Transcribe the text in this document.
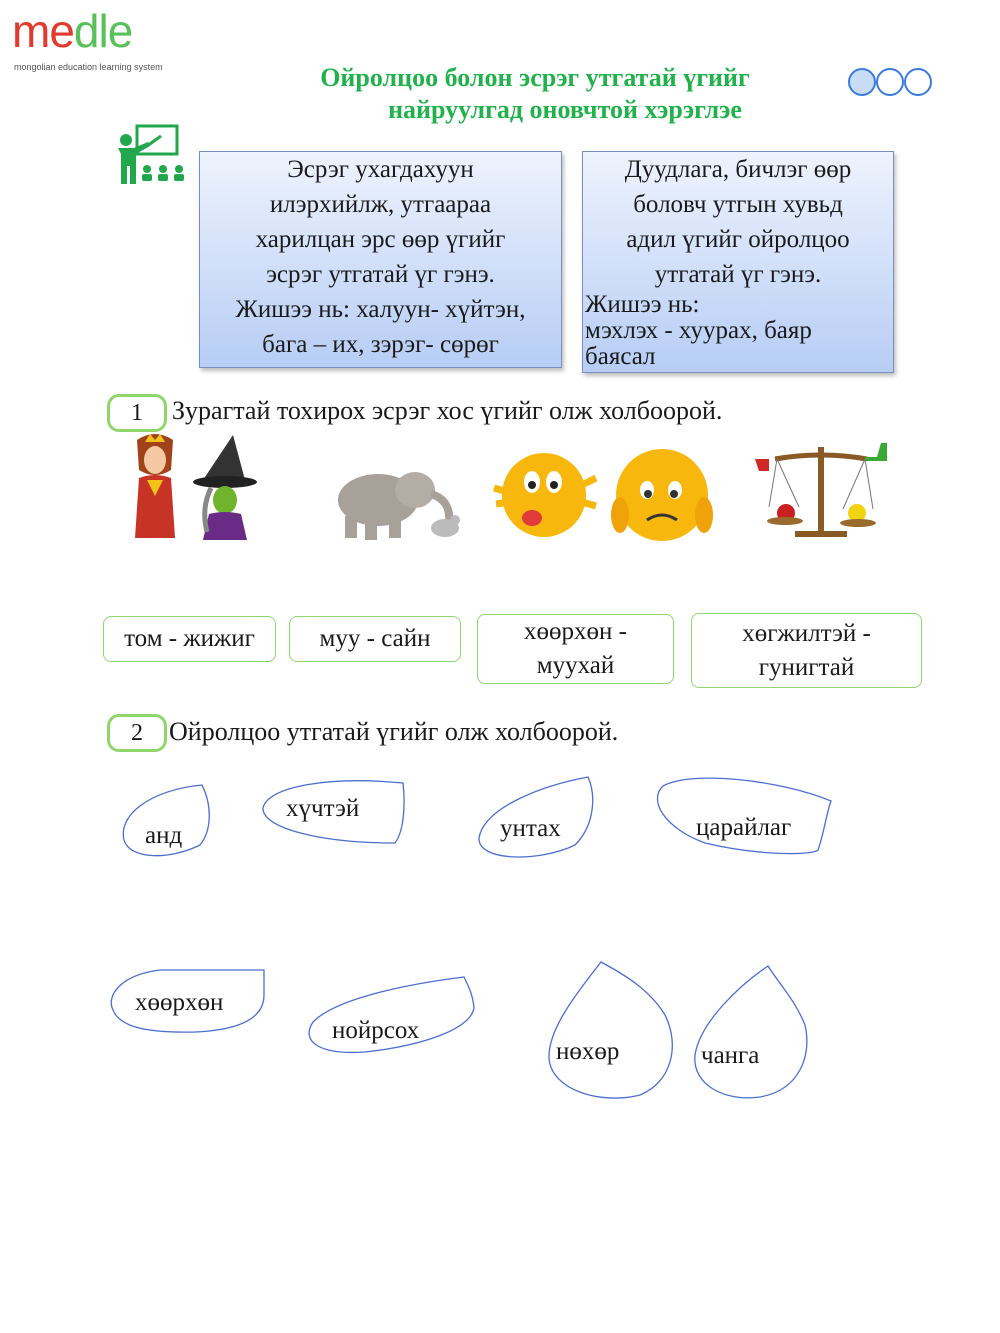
medle
mongolian education learning system	Ойролцоо болон эсрэг утгатай үгийг
найруулгад оновчтой хэрэглэе
Эсрэг ухагдахуун
илэрхийлж, утгаараа
харилцан эрс өөр үгийг
эсрэг утгатай үг гэнэ.
Жишээ нь: халуун- хүйтэн,
бага – их, зэрэг- сөрөг
Дуудлага, бичлэг өөр
боловч утгын хувьд
адил үгийг ойролцоо
утгатай үг гэнэ.
Жишээ нь:
мэхлэх - хуурах, баяр
баясал
1	Зурагтай тохирох эсрэг хос үгийг олж холбоорой.
том - жижиг	муу - сайн	хөөрхөн - муухай
хөгжилтэй - гунигтай
2	Ойролцоо утгатай үгийг олж холбоорой.
анд
хүчтэй
унтах	царайлаг
хөөрхөн
нойрсох
нөхөр	чанга
